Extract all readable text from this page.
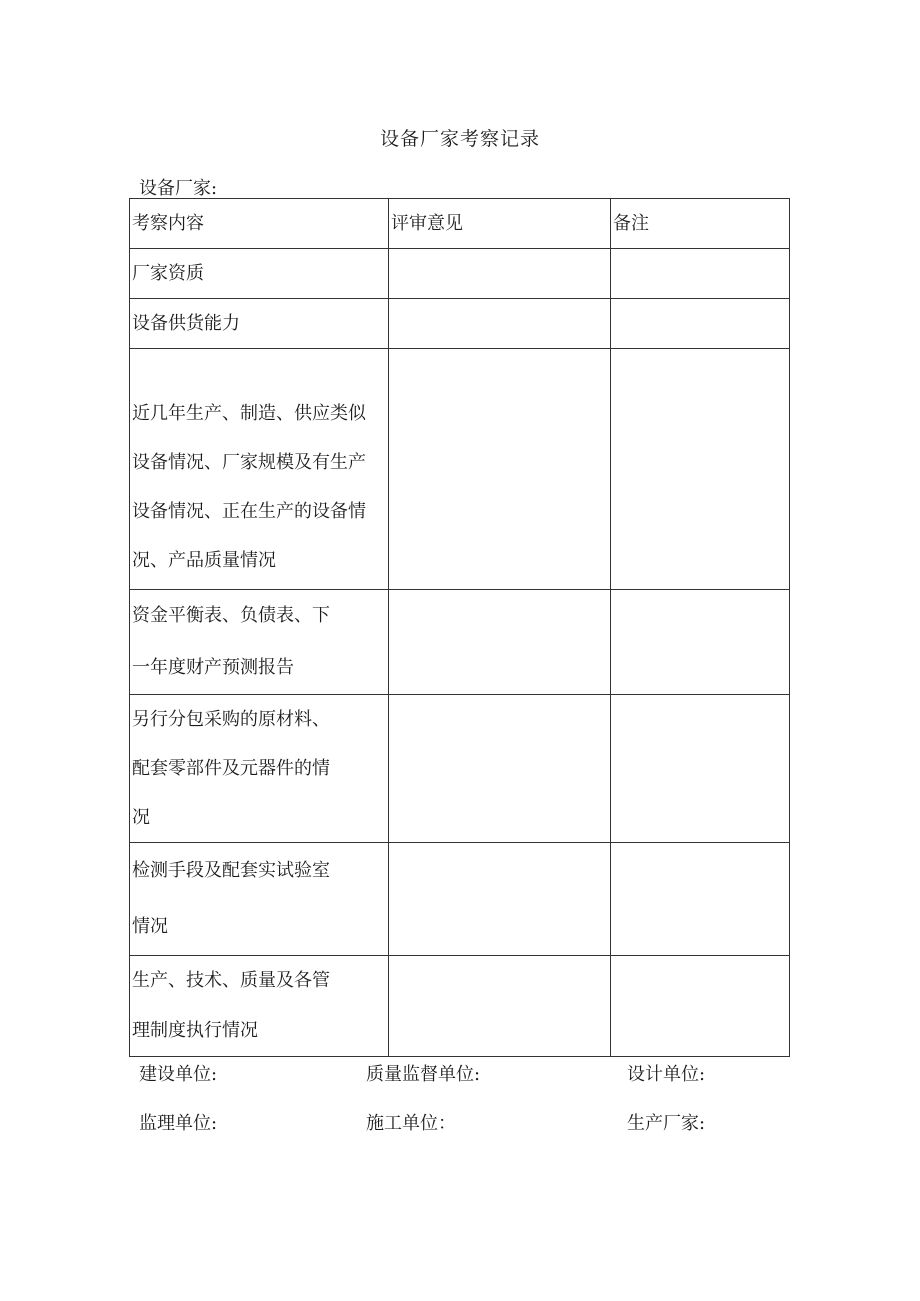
设备厂家考察记录
设备厂家:
考察内容	评审意见	备注

厂家资质		

设备供货能力		

近几年生产、制造、供应类似
设备情况、厂家规模及有生产
设备情况、正在生产的设备情
况、产品质量情况		

资金平衡表、负债表、下
一年度财产预测报告		

另行分包采购的原材料、
配套零部件及元器件的情
况		

检测手段及配套实试验室
情况		

生产、技术、质量及各管
理制度执行情况		

建设单位:	质量监督单位:	设计单位:
监理单位:	施工单位：	生产厂家:
